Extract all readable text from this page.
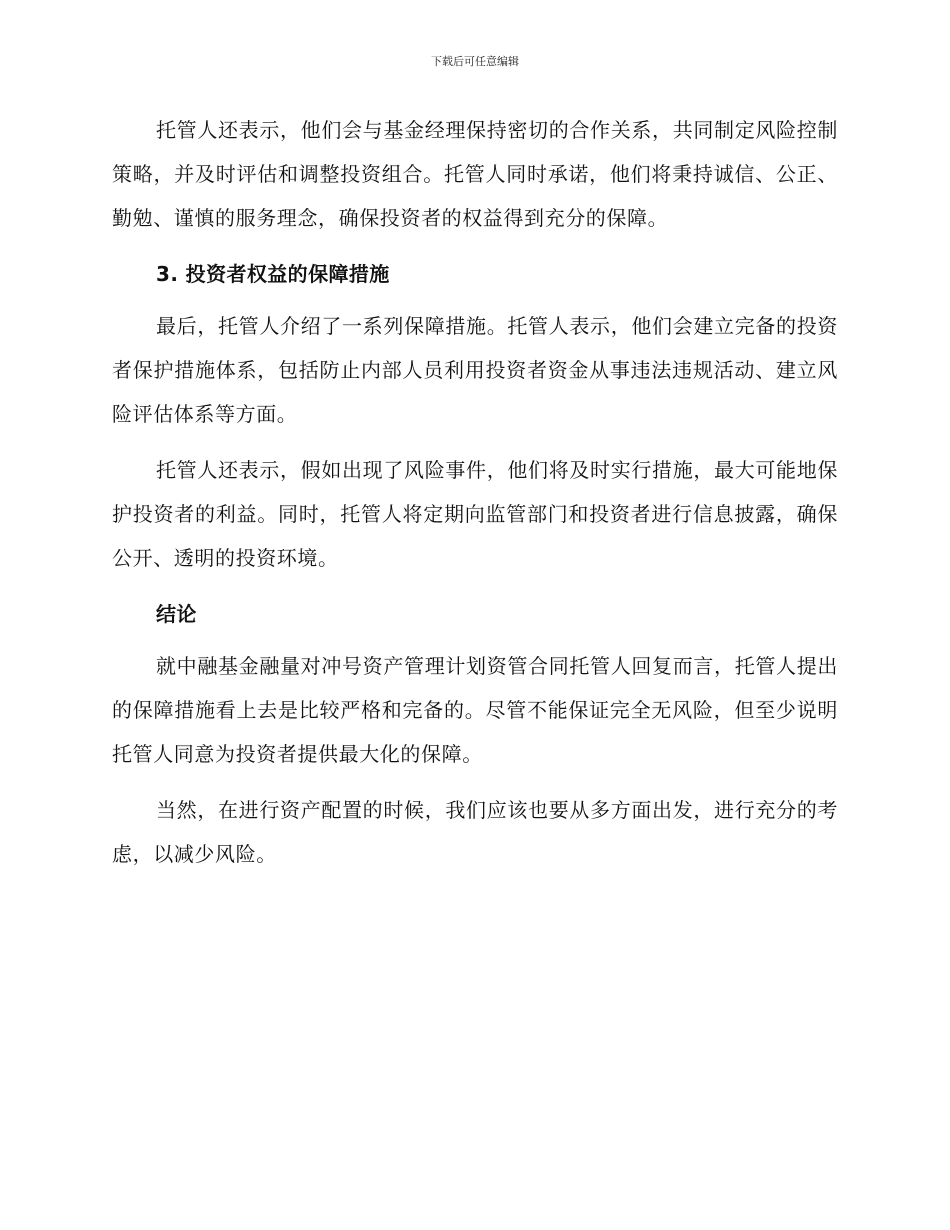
下载后可任意编辑

托管人还表示，他们会与基金经理保持密切的合作关系，共同制定风险控制策略，并及时评估和调整投资组合。托管人同时承诺，他们将秉持诚信、公正、勤勉、谨慎的服务理念，确保投资者的权益得到充分的保障。

3. 投资者权益的保障措施

最后，托管人介绍了一系列保障措施。托管人表示，他们会建立完备的投资者保护措施体系，包括防止内部人员利用投资者资金从事违法违规活动、建立风险评估体系等方面。

托管人还表示，假如出现了风险事件，他们将及时实行措施，最大可能地保护投资者的利益。同时，托管人将定期向监管部门和投资者进行信息披露，确保公开、透明的投资环境。

结论

就中融基金融量对冲号资产管理计划资管合同托管人回复而言，托管人提出的保障措施看上去是比较严格和完备的。尽管不能保证完全无风险，但至少说明托管人同意为投资者提供最大化的保障。

当然，在进行资产配置的时候，我们应该也要从多方面出发，进行充分的考虑，以减少风险。
